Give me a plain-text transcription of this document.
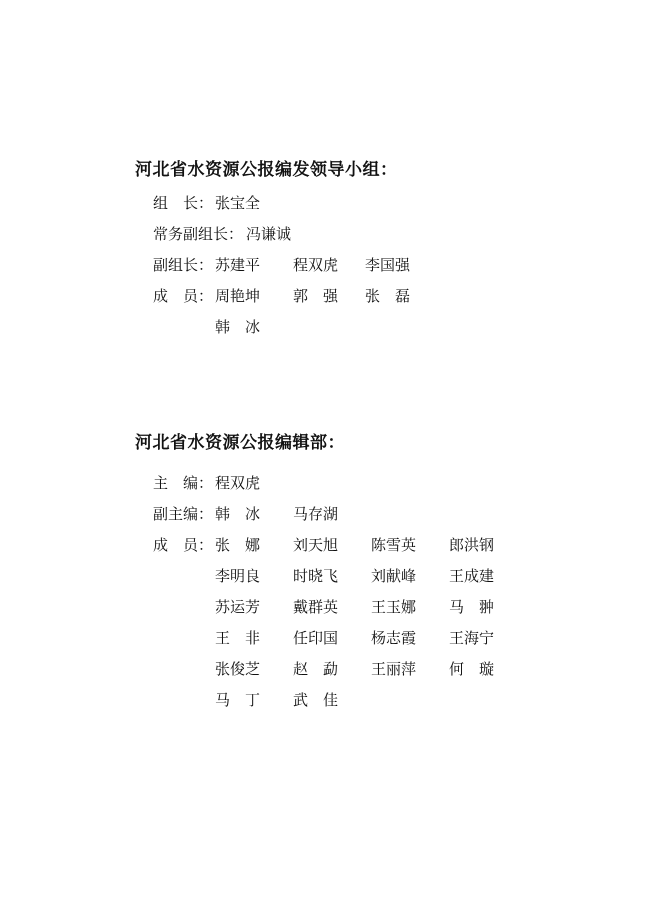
河北省水资源公报编发领导小组：
组　长： 张宝全
常务副组长： 冯谦诚
副组长： 苏建平 程双虎 李国强
成　员： 周艳坤 郭　强 张　磊
韩　冰
河北省水资源公报编辑部：
主　编： 程双虎
副主编： 韩　冰 马存湖
成　员： 张　娜 刘天旭 陈雪英 郎洪钢
李明良 时晓飞 刘献峰 王成建
苏运芳 戴群英 王玉娜 马　翀
王　非 任印国 杨志霞 王海宁
张俊芝 赵　勐 王丽萍 何　璇
马　丁 武　佳
